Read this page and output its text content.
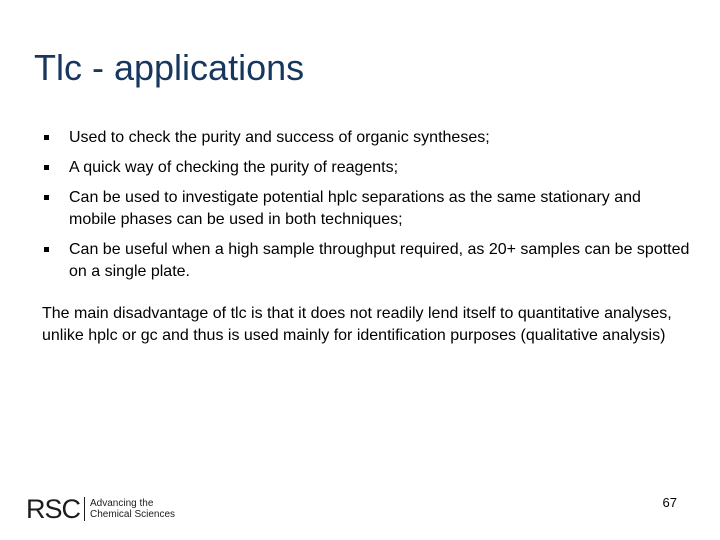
Tlc - applications
Used to check the purity and success of organic syntheses;
A quick way of checking the purity of reagents;
Can be used to investigate potential hplc separations as the same stationary and mobile phases can be used in both techniques;
Can be useful when a high sample throughput required, as 20+ samples can be spotted on a single plate.

The main disadvantage of tlc is that it does not readily lend itself to quantitative analyses, unlike hplc or gc and thus is used mainly for identification purposes (qualitative analysis)

RSC Advancing the
Chemical Sciences
67
